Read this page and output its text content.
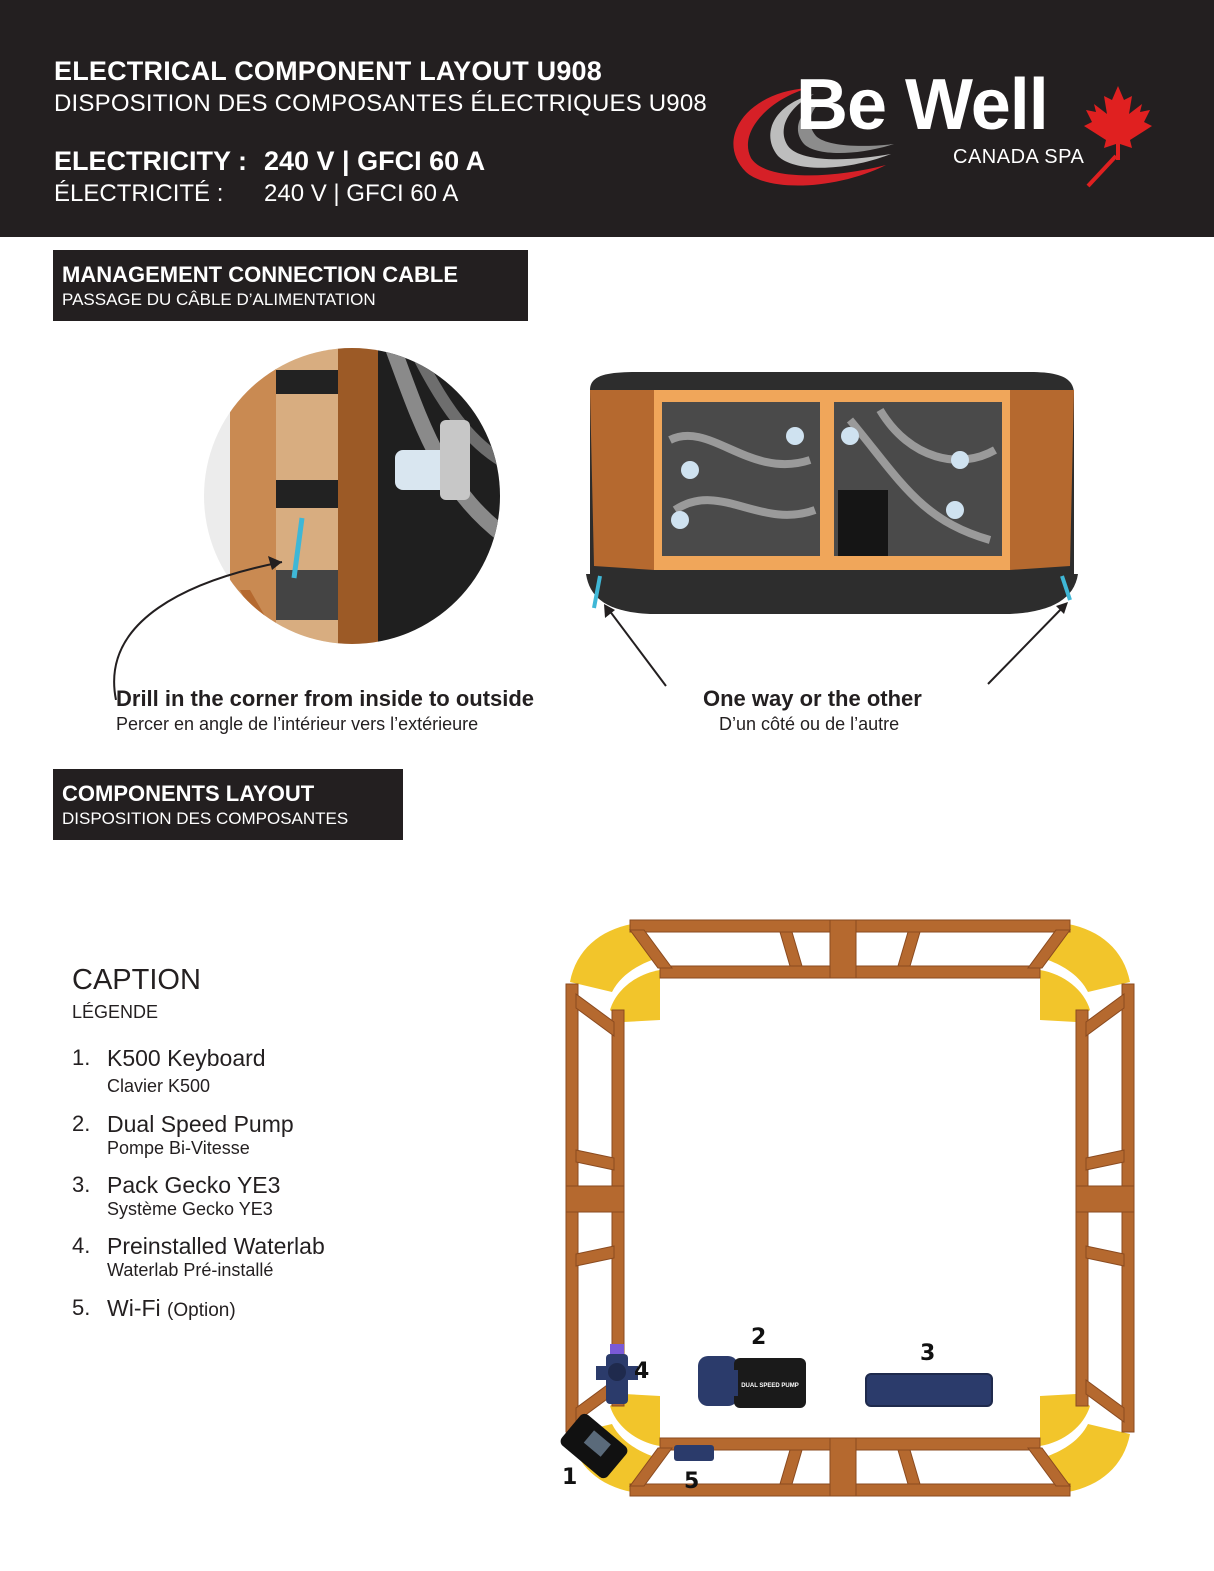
ELECTRICAL COMPONENT LAYOUT U908
DISPOSITION DES COMPOSANTES ÉLECTRIQUES U908
ELECTRICITY : 240 V | GFCI 60 A
ÉLECTRICITÉ : 240 V | GFCI 60 A
Be Well
CANADA SPA
MANAGEMENT CONNECTION CABLE
PASSAGE DU CÂBLE D’ALIMENTATION
Drill in the corner from inside to outside
Percer en angle de l’intérieur vers l’extérieure
One way or the other
D’un côté ou de l’autre
COMPONENTS LAYOUT
DISPOSITION DES COMPOSANTES
CAPTION
LÉGENDE
1. K500 Keyboard
Clavier K500
2. Dual Speed Pump
Pompe Bi-Vitesse
3. Pack Gecko YE3
Système Gecko YE3
4. Preinstalled Waterlab
Waterlab Pré-installé
5. Wi-Fi (Option)
DUAL SPEED PUMP
1
2
3
4
5
